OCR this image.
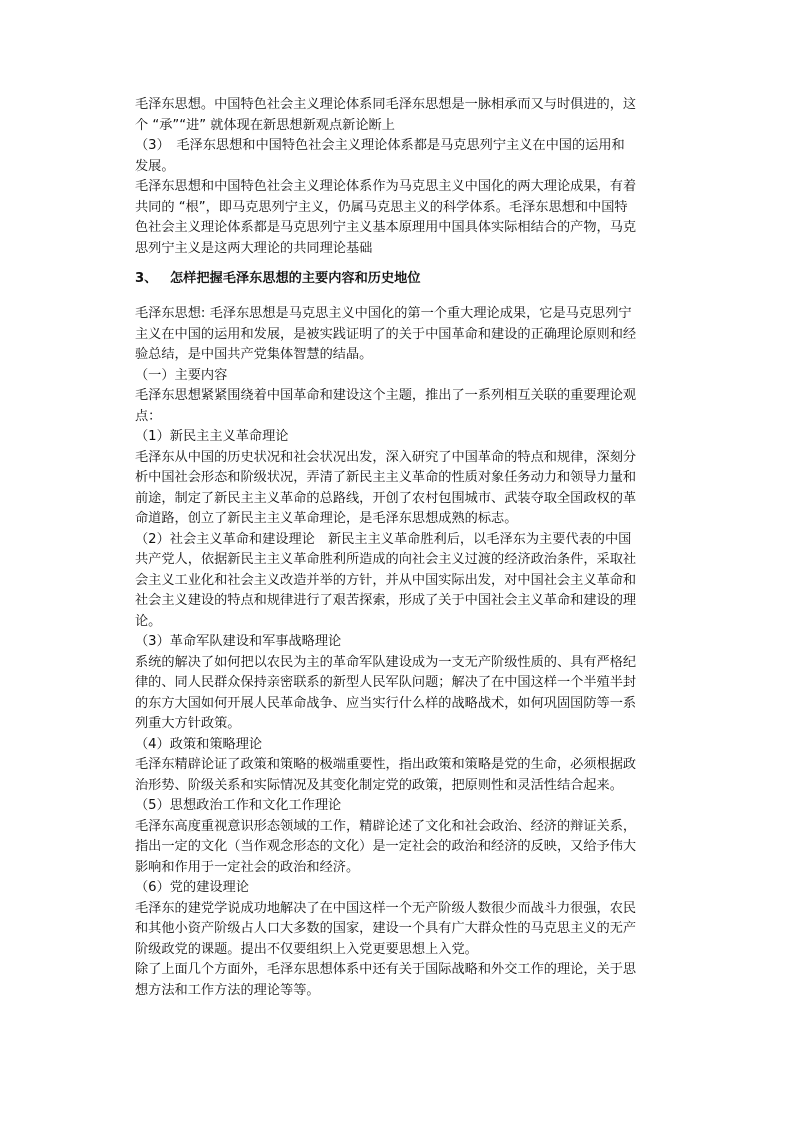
毛泽东思想。中国特色社会主义理论体系同毛泽东思想是一脉相承而又与时俱进的，这
个 “承”“进” 就体现在新思想新观点新论断上
（3）　毛泽东思想和中国特色社会主义理论体系都是马克思列宁主义在中国的运用和
发展。
毛泽东思想和中国特色社会主义理论体系作为马克思主义中国化的两大理论成果，有着
共同的 “根”，即马克思列宁主义，仍属马克思主义的科学体系。毛泽东思想和中国特
色社会主义理论体系都是马克思列宁主义基本原理用中国具体实际相结合的产物，马克
思列宁主义是这两大理论的共同理论基础
3、 怎样把握毛泽东思想的主要内容和历史地位
毛泽东思想: 毛泽东思想是马克思主义中国化的第一个重大理论成果，它是马克思列宁
主义在中国的运用和发展，是被实践证明了的关于中国革命和建设的正确理论原则和经
验总结，是中国共产党集体智慧的结晶。
（一）主要内容
毛泽东思想紧紧围绕着中国革命和建设这个主题，推出了一系列相互关联的重要理论观
点：
（1）新民主主义革命理论
毛泽东从中国的历史状况和社会状况出发，深入研究了中国革命的特点和规律，深刻分
析中国社会形态和阶级状况，弄清了新民主主义革命的性质对象任务动力和领导力量和
前途，制定了新民主主义革命的总路线，开创了农村包围城市、武装夺取全国政权的革
命道路，创立了新民主主义革命理论，是毛泽东思想成熟的标志。
（2）社会主义革命和建设理论　新民主主义革命胜利后，以毛泽东为主要代表的中国
共产党人，依据新民主主义革命胜利所造成的向社会主义过渡的经济政治条件，采取社
会主义工业化和社会主义改造并举的方针，并从中国实际出发，对中国社会主义革命和
社会主义建设的特点和规律进行了艰苦探索，形成了关于中国社会主义革命和建设的理
论。
（3）革命军队建设和军事战略理论
系统的解决了如何把以农民为主的革命军队建设成为一支无产阶级性质的、具有严格纪
律的、同人民群众保持亲密联系的新型人民军队问题；解决了在中国这样一个半殖半封
的东方大国如何开展人民革命战争、应当实行什么样的战略战术，如何巩固国防等一系
列重大方针政策。
（4）政策和策略理论
毛泽东精辟论证了政策和策略的极端重要性，指出政策和策略是党的生命，必须根据政
治形势、阶级关系和实际情况及其变化制定党的政策，把原则性和灵活性结合起来。
（5）思想政治工作和文化工作理论
毛泽东高度重视意识形态领域的工作，精辟论述了文化和社会政治、经济的辩证关系，
指出一定的文化（当作观念形态的文化）是一定社会的政治和经济的反映，又给予伟大
影响和作用于一定社会的政治和经济。
（6）党的建设理论
毛泽东的建党学说成功地解决了在中国这样一个无产阶级人数很少而战斗力很强，农民
和其他小资产阶级占人口大多数的国家，建设一个具有广大群众性的马克思主义的无产
阶级政党的课题。提出不仅要组织上入党更要思想上入党。
除了上面几个方面外，毛泽东思想体系中还有关于国际战略和外交工作的理论，关于思
想方法和工作方法的理论等等。
